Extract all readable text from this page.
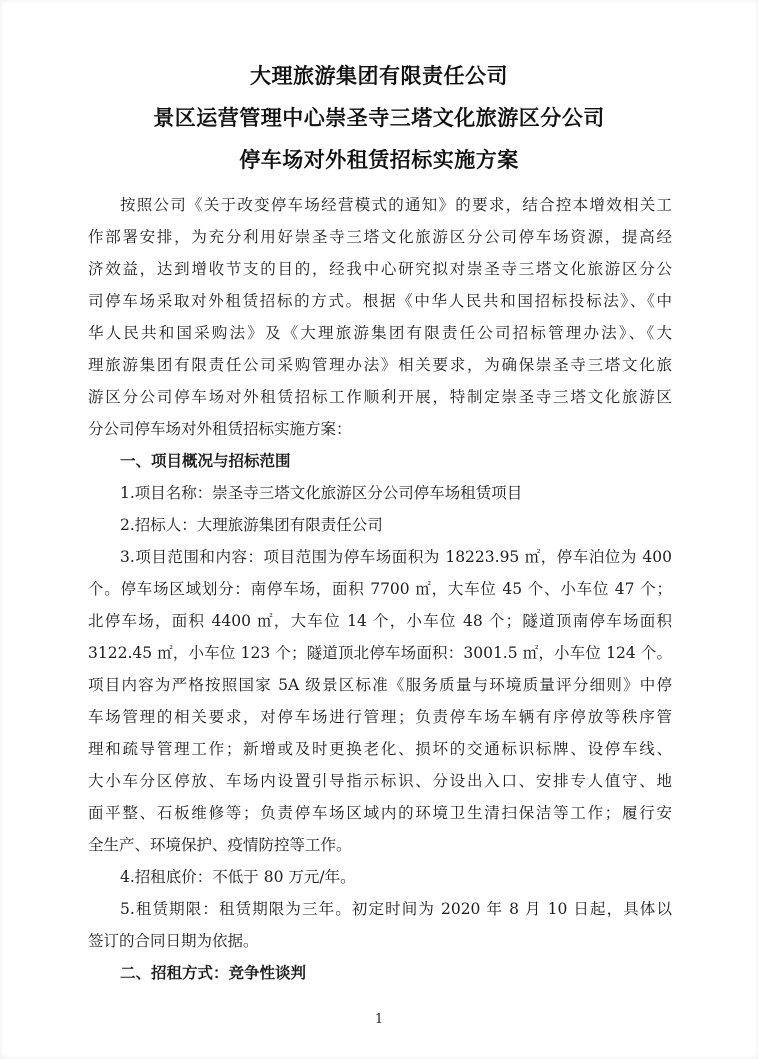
大理旅游集团有限责任公司
景区运营管理中心崇圣寺三塔文化旅游区分公司
停车场对外租赁招标实施方案
按照公司《关于改变停车场经营模式的通知》的要求，结合控本增效相关工
作部署安排，为充分利用好崇圣寺三塔文化旅游区分公司停车场资源，提高经
济效益，达到增收节支的目的，经我中心研究拟对崇圣寺三塔文化旅游区分公
司停车场采取对外租赁招标的方式。根据《中华人民共和国招标投标法》、《中
华人民共和国采购法》及《大理旅游集团有限责任公司招标管理办法》、《大
理旅游集团有限责任公司采购管理办法》相关要求，为确保崇圣寺三塔文化旅
游区分公司停车场对外租赁招标工作顺利开展，特制定崇圣寺三塔文化旅游区
分公司停车场对外租赁招标实施方案：
一、项目概况与招标范围
1.项目名称：崇圣寺三塔文化旅游区分公司停车场租赁项目
2.招标人：大理旅游集团有限责任公司
3.项目范围和内容：项目范围为停车场面积为 18223.95 ㎡，停车泊位为 400
个。停车场区域划分：南停车场，面积 7700 ㎡，大车位 45 个、小车位 47 个；
北停车场，面积 4400 ㎡，大车位 14 个，小车位 48 个；隧道顶南停车场面积
3122.45 ㎡，小车位 123 个；隧道顶北停车场面积：3001.5 ㎡，小车位 124 个。
项目内容为严格按照国家 5A 级景区标准《服务质量与环境质量评分细则》中停
车场管理的相关要求，对停车场进行管理；负责停车场车辆有序停放等秩序管
理和疏导管理工作；新增或及时更换老化、损坏的交通标识标牌、设停车线、
大小车分区停放、车场内设置引导指示标识、分设出入口、安排专人值守、地
面平整、石板维修等；负责停车场区域内的环境卫生清扫保洁等工作；履行安
全生产、环境保护、疫情防控等工作。
4.招租底价：不低于 80 万元/年。
5.租赁期限：租赁期限为三年。初定时间为 2020 年 8 月 10 日起，具体以
签订的合同日期为依据。
二、招租方式：竞争性谈判
1
